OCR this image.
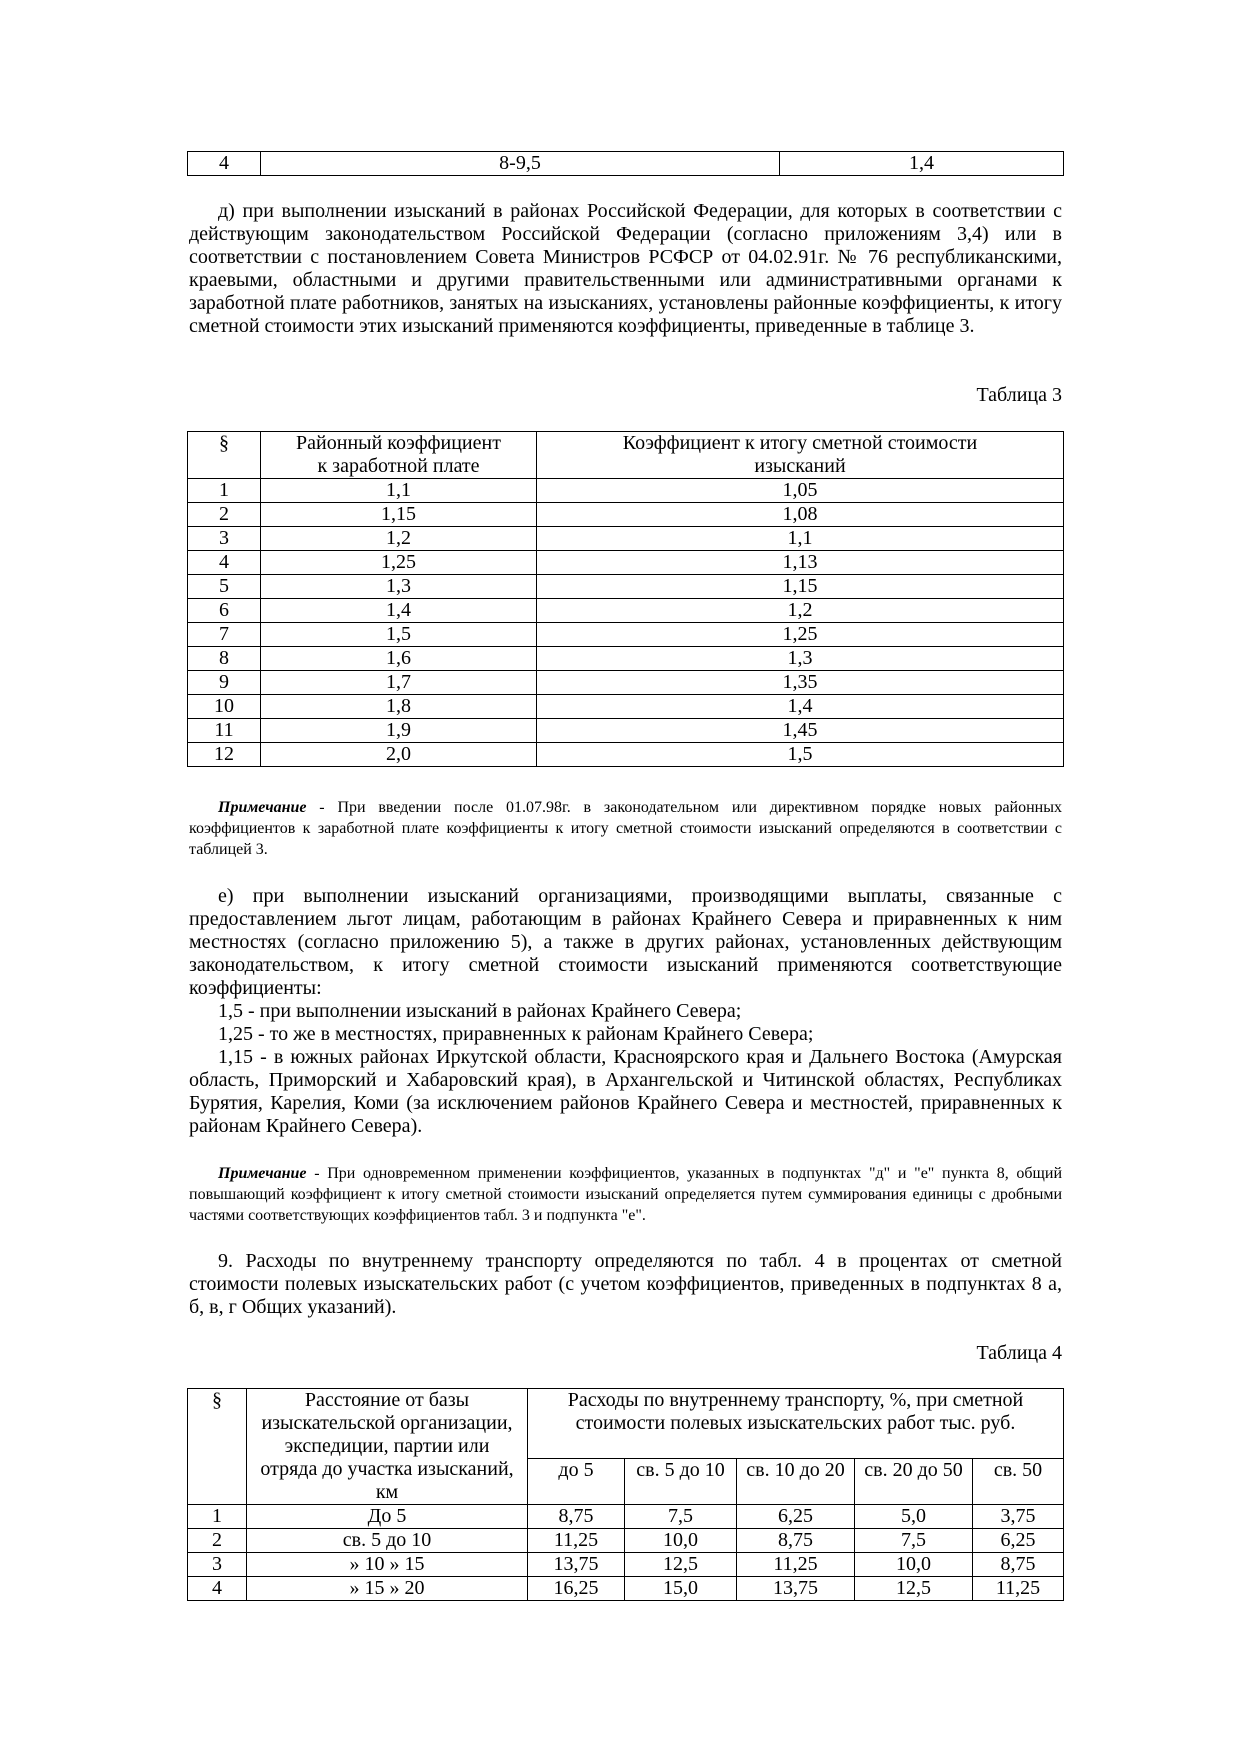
4	8-9,5	1,4

д) при выполнении изысканий в районах Российской Федерации, для которых в соответствии с действующим законодательством Российской Федерации (согласно приложениям 3,4) или в соответствии с постановлением Совета Министров РСФСР от 04.02.91г. № 76 республиканскими, краевыми, областными и другими правительственными или административными органами к заработной плате работников, занятых на изысканиях, установлены районные коэффициенты, к итогу сметной стоимости этих изысканий применяются коэффициенты, приведенные в таблице 3.

Таблица 3
§	Районный коэффициент к заработной плате	Коэффициент к итогу сметной стоимости изысканий
1	1,1	1,05
2	1,15	1,08
3	1,2	1,1
4	1,25	1,13
5	1,3	1,15
6	1,4	1,2
7	1,5	1,25
8	1,6	1,3
9	1,7	1,35
10	1,8	1,4
11	1,9	1,45
12	2,0	1,5

Примечание - При введении после 01.07.98г. в законодательном или директивном порядке новых районных коэффициентов к заработной плате коэффициенты к итогу сметной стоимости изысканий определяются в соответствии с таблицей 3.

е) при выполнении изысканий организациями, производящими выплаты, связанные с предоставлением льгот лицам, работающим в районах Крайнего Севера и приравненных к ним местностях (согласно приложению 5), а также в других районах, установленных действующим законодательством, к итогу сметной стоимости изысканий применяются соответствующие коэффициенты:

1,5 - при выполнении изысканий в районах Крайнего Севера;

1,25 - то же в местностях, приравненных к районам Крайнего Севера;

1,15 - в южных районах Иркутской области, Красноярского края и Дальнего Востока (Амурская область, Приморский и Хабаровский края), в Архангельской и Читинской областях, Республиках Бурятия, Карелия, Коми (за исключением районов Крайнего Севера и местностей, приравненных к районам Крайнего Севера).

Примечание - При одновременном применении коэффициентов, указанных в подпунктах "д" и "е" пункта 8, общий повышающий коэффициент к итогу сметной стоимости изысканий определяется путем суммирования единицы с дробными частями соответствующих коэффициентов табл. 3 и подпункта "е".

9. Расходы по внутреннему транспорту определяются по табл. 4 в процентах от сметной стоимости полевых изыскательских работ (с учетом коэффициентов, приведенных в подпунктах 8 а, б, в, г Общих указаний).

Таблица 4
§	Расстояние от базы изыскательской организации, экспедиции, партии или отряда до участка изысканий, км	Расходы по внутреннему транспорту, %, при сметной стоимости полевых изыскательских работ тыс. руб.				
		до 5	св. 5 до 10	св. 10 до 20	св. 20 до 50	св. 50
1	До 5	8,75	7,5	6,25	5,0	3,75
2	св. 5 до 10	11,25	10,0	8,75	7,5	6,25
3	» 10 » 15	13,75	12,5	11,25	10,0	8,75
4	» 15 » 20	16,25	15,0	13,75	12,5	11,25
